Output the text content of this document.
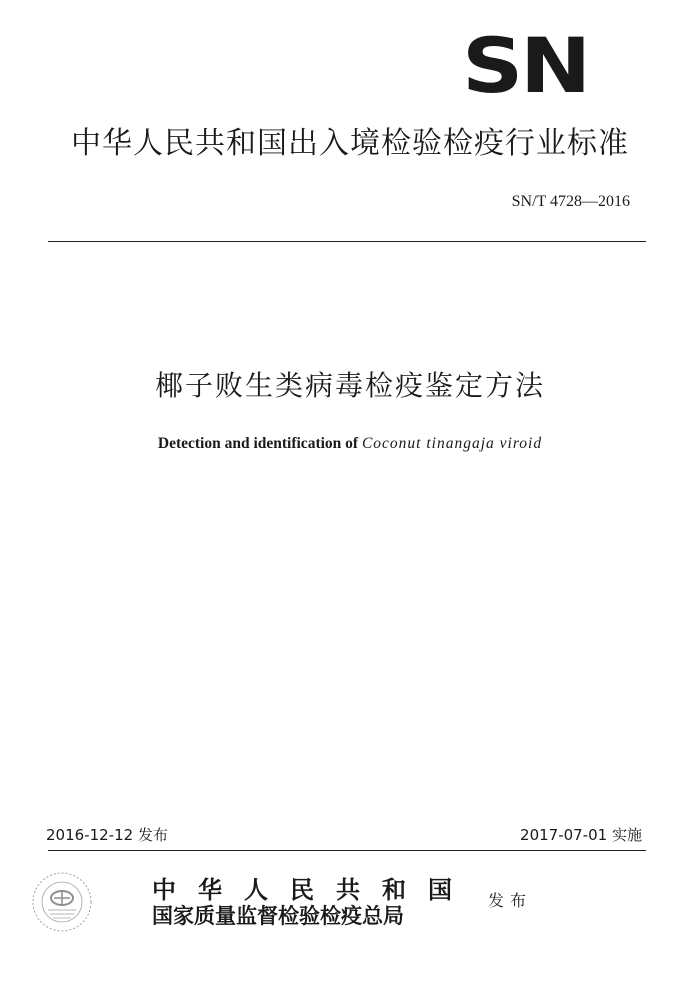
SN
中华人民共和国出入境检验检疫行业标准
SN/T 4728—2016
椰子败生类病毒检疫鉴定方法
Detection and identification of Coconut tinangaja viroid
2016-12-12 发布	2017-07-01 实施
中华人民共和国
国家质量监督检验检疫总局
发布
